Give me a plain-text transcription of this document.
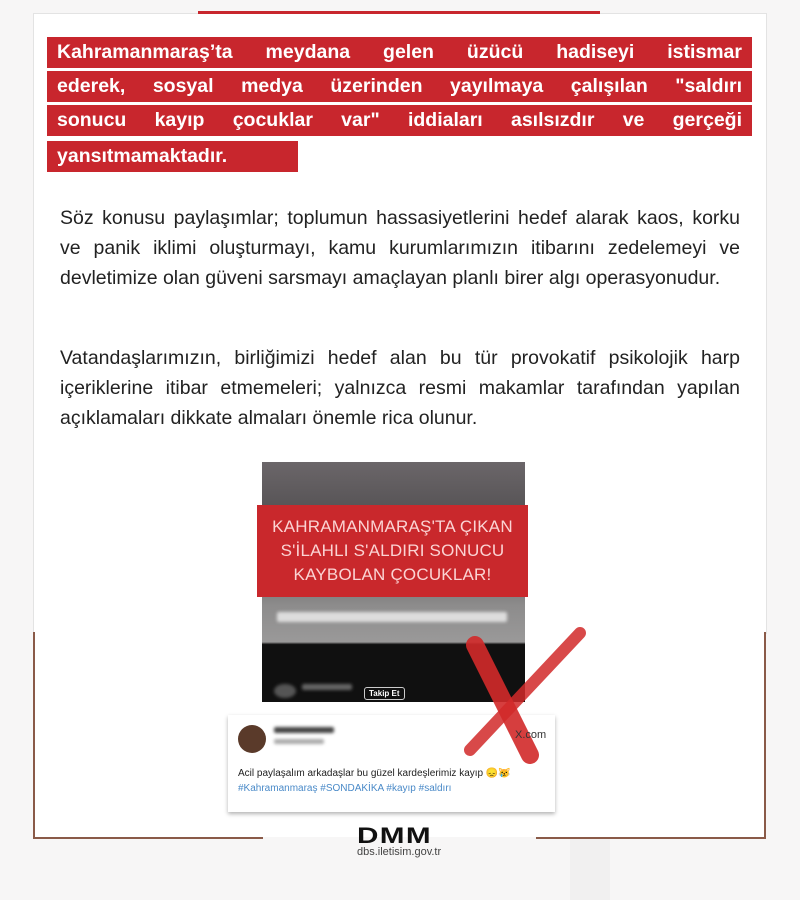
Kahramanmaraş’ta meydana gelen üzücü hadiseyi istismar
ederek, sosyal medya üzerinden yayılmaya çalışılan "saldırı
sonucu kayıp çocuklar var" iddiaları asılsızdır ve gerçeği
yansıtmamaktadır.
Söz konusu paylaşımlar; toplumun hassasiyetlerini hedef alarak kaos, korku ve panik iklimi oluşturmayı, kamu kurumlarımızın itibarını zedelemeyi ve devletimize olan güveni sarsmayı amaçlayan planlı birer algı operasyonudur.
Vatandaşlarımızın, birliğimizi hedef alan bu tür provokatif psikolojik harp içeriklerine itibar etmemeleri; yalnızca resmi makamlar tarafından yapılan açıklamaları dikkate almaları önemle rica olunur.
KAHRAMANMARAŞ'TA ÇIKAN
S'İLAHLI S'ALDIRI SONUCU
KAYBOLAN ÇOCUKLAR!
Takip Et
Acil paylaşalım arkadaşlar bu güzel kardeşlerimiz kayıp 😞😿
#Kahramanmaraş #SONDAKİKA #kayıp #saldırı
X.com
DMM
dbs.iletisim.gov.tr
